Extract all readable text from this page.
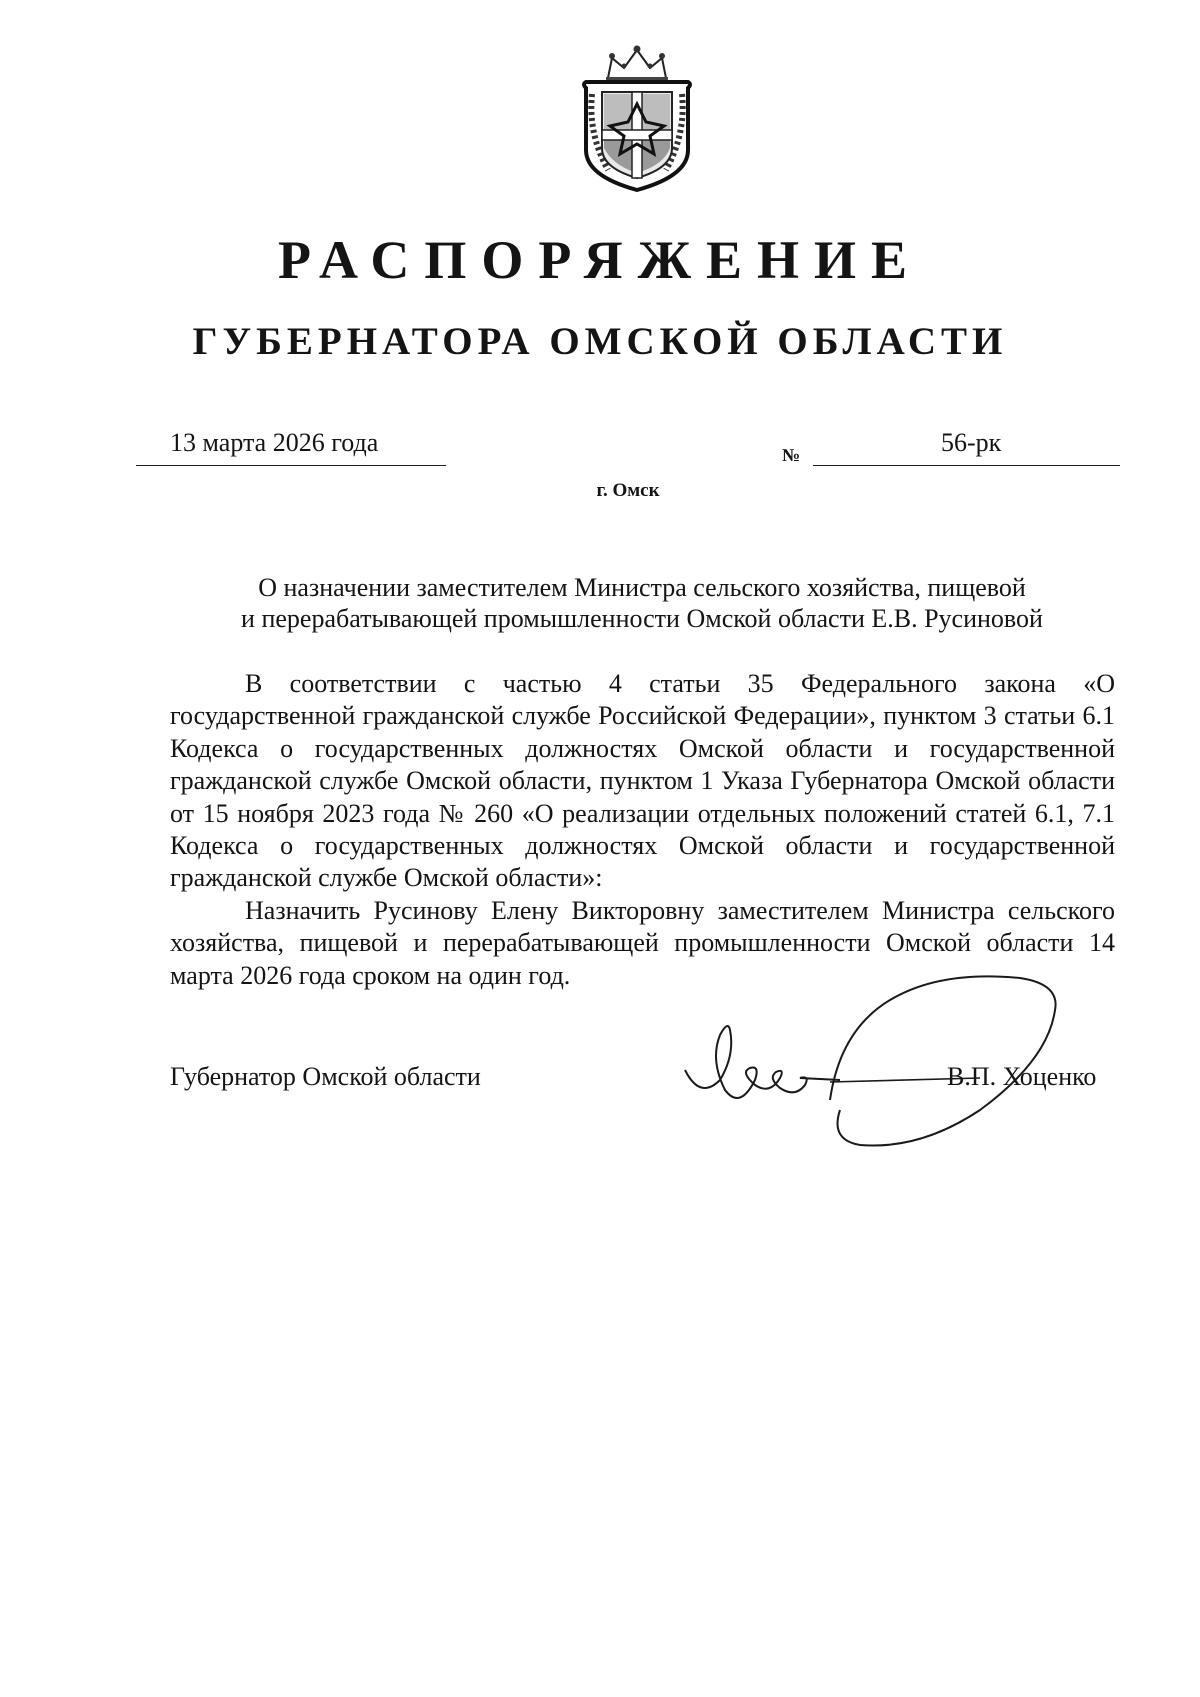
РАСПОРЯЖЕНИЕ
ГУБЕРНАТОРА ОМСКОЙ ОБЛАСТИ
13 марта 2026 года	№	56-рк
г. Омск
О назначении заместителем Министра сельского хозяйства, пищевой
и перерабатывающей промышленности Омской области Е.В. Русиновой

В соответствии с частью 4 статьи 35 Федерального закона «О государственной гражданской службе Российской Федерации», пунктом 3 статьи 6.1 Кодекса о государственных должностях Омской области и государственной гражданской службе Омской области, пунктом 1 Указа Губернатора Омской области от 15 ноября 2023 года № 260 «О реализации отдельных положений статей 6.1, 7.1 Кодекса о государственных должностях Омской области и государственной гражданской службе Омской области»:

Назначить Русинову Елену Викторовну заместителем Министра сельского хозяйства, пищевой и перерабатывающей промышленности Омской области 14 марта 2026 года сроком на один год.

Губернатор Омской области	В.П. Хоценко
